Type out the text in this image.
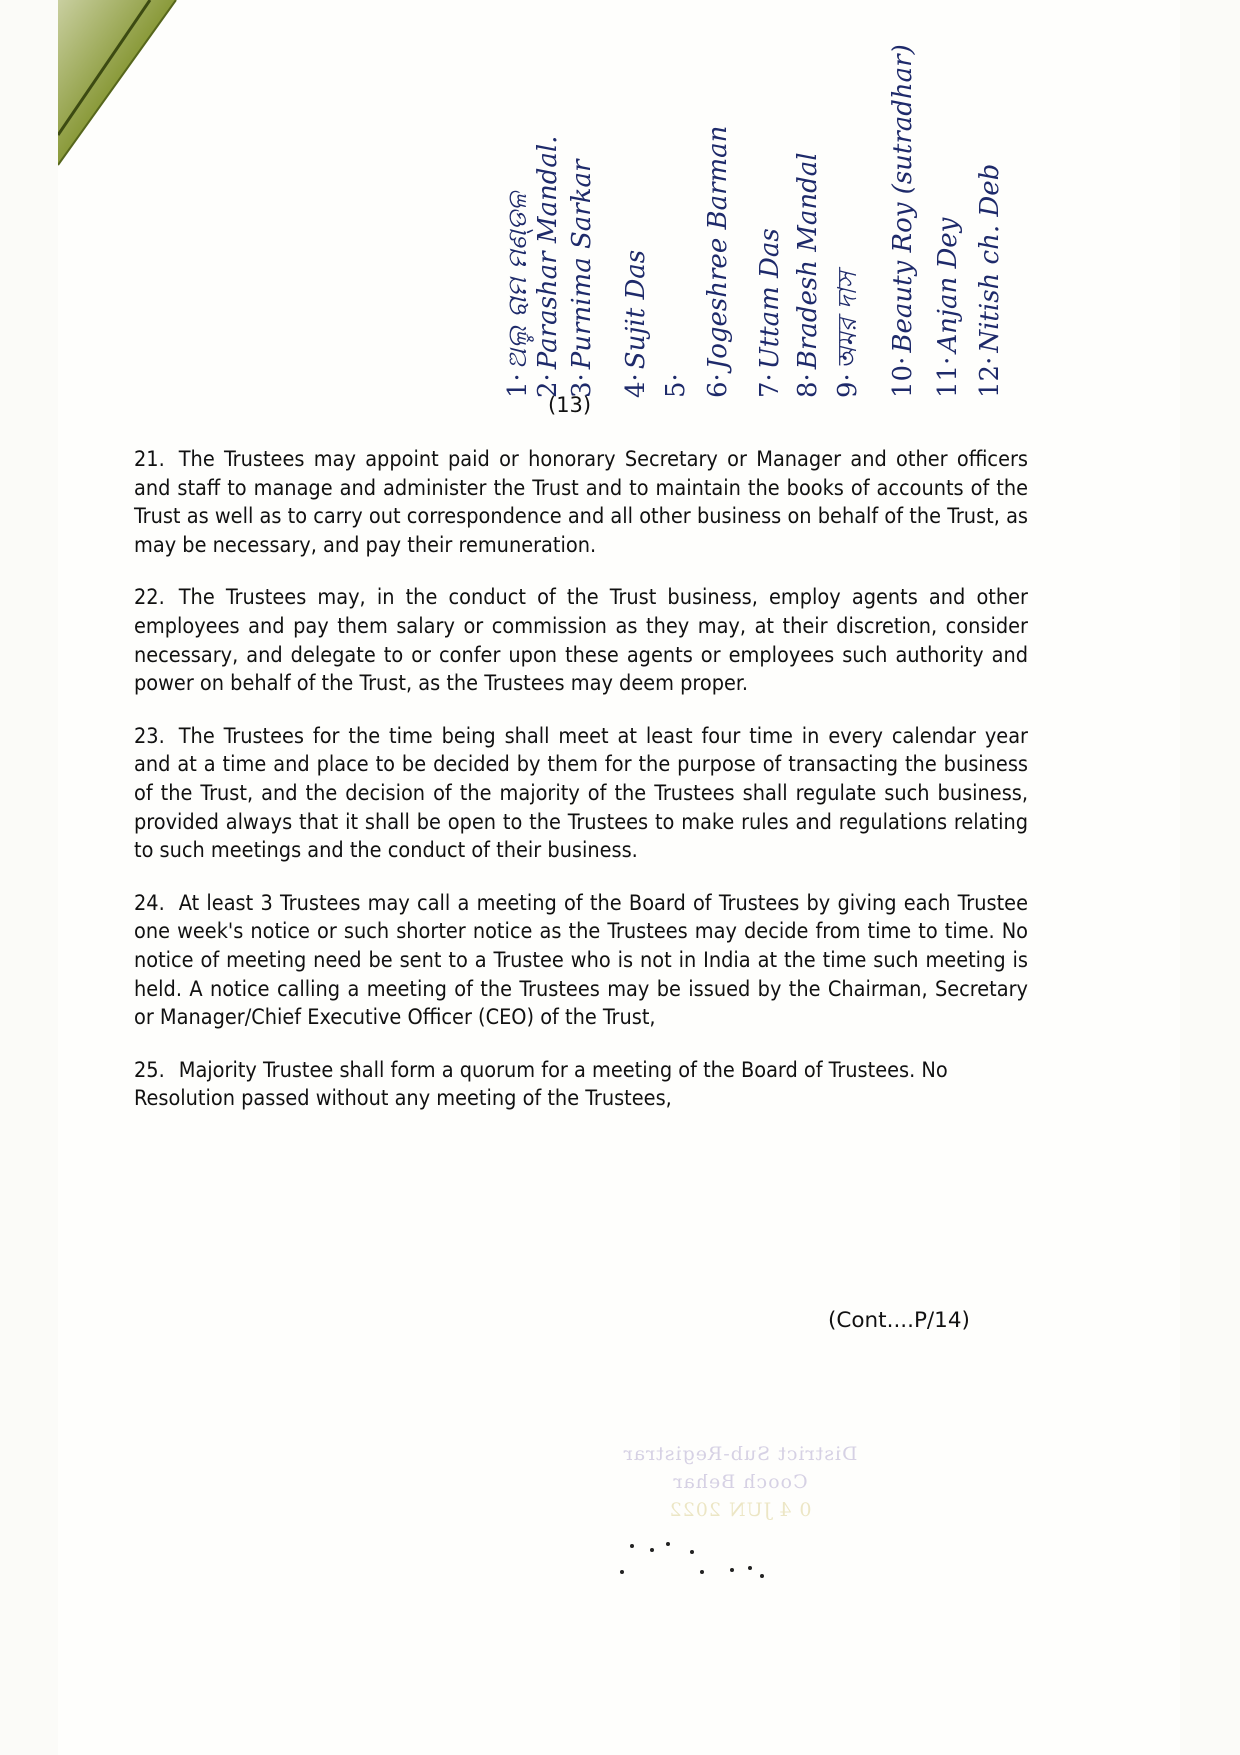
1·ଅଲୁ ରାମ ମଣ୍ଡଳ
2·Parashar Mandal.
3·Purnima Sarkar
4·Sujit Das
5· 6·Jogeshree Barman
7·Uttam Das
8·Bradesh Mandal
9·অমর দাস
10·Beauty Roy (sutradhar)
11·Anjan Dey
12·Nitish ch. Deb
(13)

21. The Trustees may appoint paid or honorary Secretary or Manager and other officers and staff to manage and administer the Trust and to maintain the books of accounts of the Trust as well as to carry out correspondence and all other business on behalf of the Trust, as may be necessary, and pay their remuneration.

22. The Trustees may, in the conduct of the Trust business, employ agents and other employees and pay them salary or commission as they may, at their discretion, consider necessary, and delegate to or confer upon these agents or employees such authority and power on behalf of the Trust, as the Trustees may deem proper.

23. The Trustees for the time being shall meet at least four time in every calendar year and at a time and place to be decided by them for the purpose of transacting the business of the Trust, and the decision of the majority of the Trustees shall regulate such business, provided always that it shall be open to the Trustees to make rules and regulations relating to such meetings and the conduct of their business.

24. At least 3 Trustees may call a meeting of the Board of Trustees by giving each Trustee one week's notice or such shorter notice as the Trustees may decide from time to time. No notice of meeting need be sent to a Trustee who is not in India at the time such meeting is held. A notice calling a meeting of the Trustees may be issued by the Chairman, Secretary or Manager/Chief Executive Officer (CEO) of the Trust,

25. Majority Trustee shall form a quorum for a meeting of the Board of Trustees. No Resolution passed without any meeting of the Trustees,

(Cont....P/14)
District Sub-Registrar
Cooch Behar
0 4 JUN 2022
